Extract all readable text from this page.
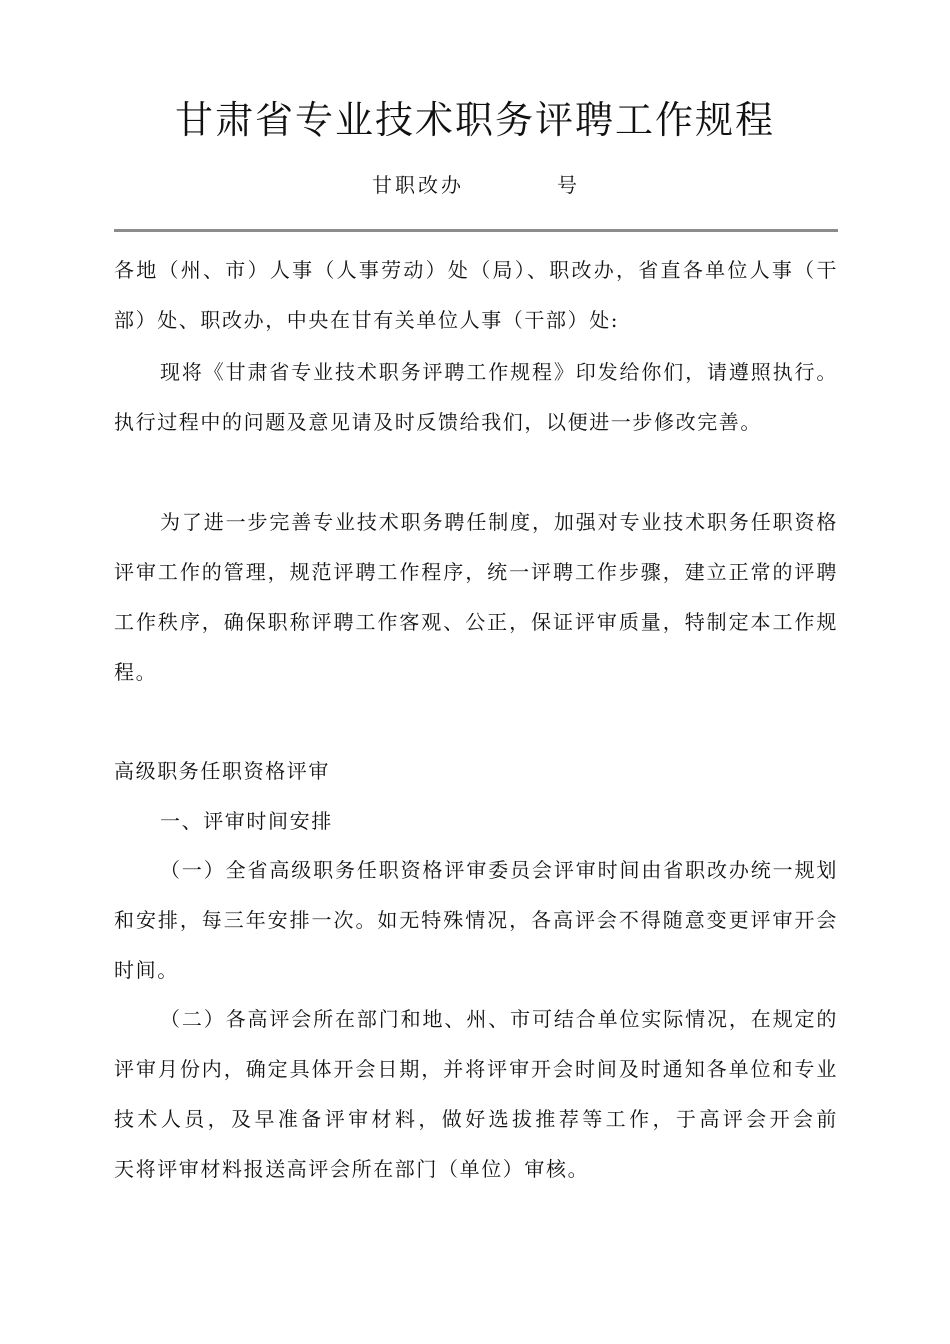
甘肃省专业技术职务评聘工作规程
甘职改办	号

各地（州、市）人事（人事劳动）处（局）、职改办，省直各单位人事（干部）处、职改办，中央在甘有关单位人事（干部）处:

现将《甘肃省专业技术职务评聘工作规程》印发给你们，请遵照执行。执行过程中的问题及意见请及时反馈给我们，以便进一步修改完善。

为了进一步完善专业技术职务聘任制度，加强对专业技术职务任职资格评审工作的管理，规范评聘工作程序，统一评聘工作步骤，建立正常的评聘工作秩序，确保职称评聘工作客观、公正，保证评审质量，特制定本工作规程。

高级职务任职资格评审

一、评审时间安排

（一）全省高级职务任职资格评审委员会评审时间由省职改办统一规划和安排，每三年安排一次。如无特殊情况，各高评会不得随意变更评审开会时间。

（二）各高评会所在部门和地、州、市可结合单位实际情况，在规定的评审月份内，确定具体开会日期，并将评审开会时间及时通知各单位和专业技术人员，及早准备评审材料，做好选拔推荐等工作，于高评会开会前　　天将评审材料报送高评会所在部门（单位）审核。
